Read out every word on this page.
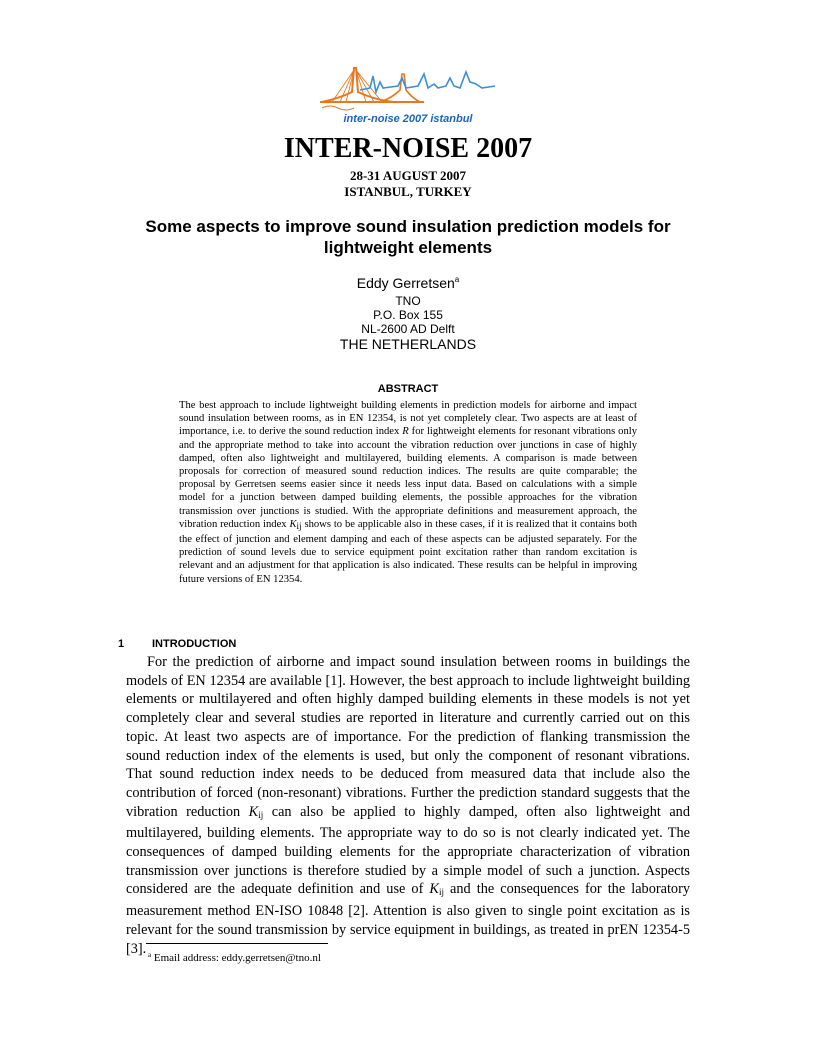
inter-noise 2007 istanbul
INTER-NOISE 2007
28-31 AUGUST 2007
ISTANBUL, TURKEY
Some aspects to improve sound insulation prediction models for lightweight elements
Eddy Gerretsen$^a$
TNO
P.O. Box 155
NL-2600 AD Delft
THE NETHERLANDS
ABSTRACT
The best approach to include lightweight building elements in prediction models for airborne and impact sound insulation between rooms, as in EN 12354, is not yet completely clear. Two aspects are at least of importance, i.e. to derive the sound reduction index R for lightweight elements for resonant vibrations only and the appropriate method to take into account the vibration reduction over junctions in case of highly damped, often also lightweight and multilayered, building elements. A comparison is made between proposals for correction of measured sound reduction indices. The results are quite comparable; the proposal by Gerretsen seems easier since it needs less input data. Based on calculations with a simple model for a junction between damped building elements, the possible approaches for the vibration transmission over junctions is studied. With the appropriate definitions and measurement approach, the vibration reduction index $K_{ij}$ shows to be applicable also in these cases, if it is realized that it contains both the effect of junction and element damping and each of these aspects can be adjusted separately. For the prediction of sound levels due to service equipment point excitation rather than random excitation is relevant and an adjustment for that application is also indicated. These results can be helpful in improving future versions of EN 12354.
1	INTRODUCTION
For the prediction of airborne and impact sound insulation between rooms in buildings the models of EN 12354 are available [1]. However, the best approach to include lightweight building elements or multilayered and often highly damped building elements in these models is not yet completely clear and several studies are reported in literature and currently carried out on this topic. At least two aspects are of importance. For the prediction of flanking transmission the sound reduction index of the elements is used, but only the component of resonant vibrations. That sound reduction index needs to be deduced from measured data that include also the contribution of forced (non-resonant) vibrations. Further the prediction standard suggests that the vibration reduction $K_{ij}$ can also be applied to highly damped, often also lightweight and multilayered, building elements. The appropriate way to do so is not clearly indicated yet. The consequences of damped building elements for the appropriate characterization of vibration transmission over junctions is therefore studied by a simple model of such a junction. Aspects considered are the adequate definition and use of $K_{ij}$ and the consequences for the laboratory measurement method EN-ISO 10848 [2]. Attention is also given to single point excitation as is relevant for the sound transmission by service equipment in buildings, as treated in prEN 12354-5 [3]. $^a$ Email address: eddy.gerretsen@tno.nl
